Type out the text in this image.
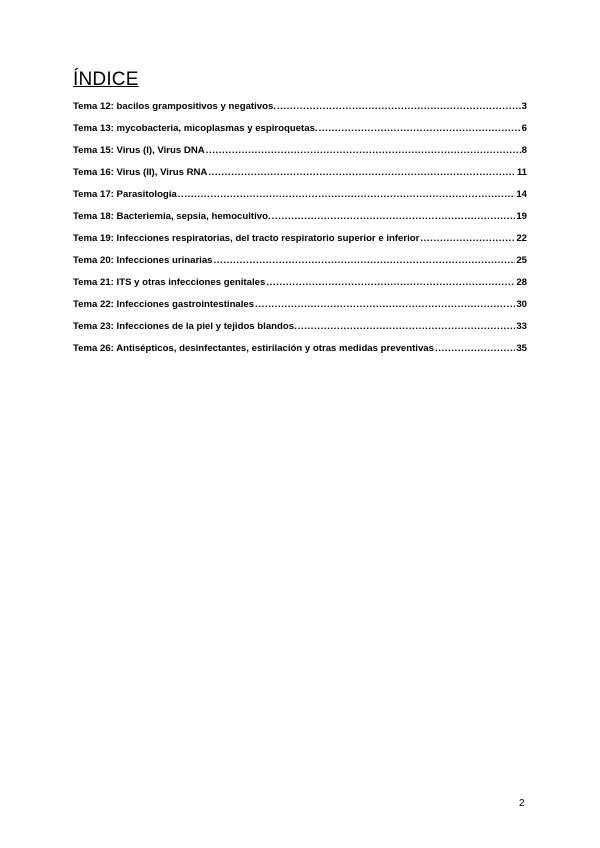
ÍNDICE
Tema 12: bacilos grampositivos y negativos. .....	3
Tema 13: mycobacteria, micoplasmas y espiroquetas. .....	6
Tema 15: Virus (I), Virus DNA .....	8
Tema 16: Virus (II), Virus RNA .....	11
Tema 17: Parasitología .....	14
Tema 18: Bacteriemia, sepsia, hemocultivo. .....	19
Tema 19: Infecciones respiratorias, del tracto respiratorio superior e inferior .....	22
Tema 20: Infecciones urinarias .....	25
Tema 21: ITS y otras infecciones genitales .....	28
Tema 22: Infecciones gastrointestinales .....	30
Tema 23: Infecciones de la piel y tejidos blandos. .....	33
Tema 26: Antisépticos, desinfectantes, estirilación y otras medidas preventivas .....	35
2
